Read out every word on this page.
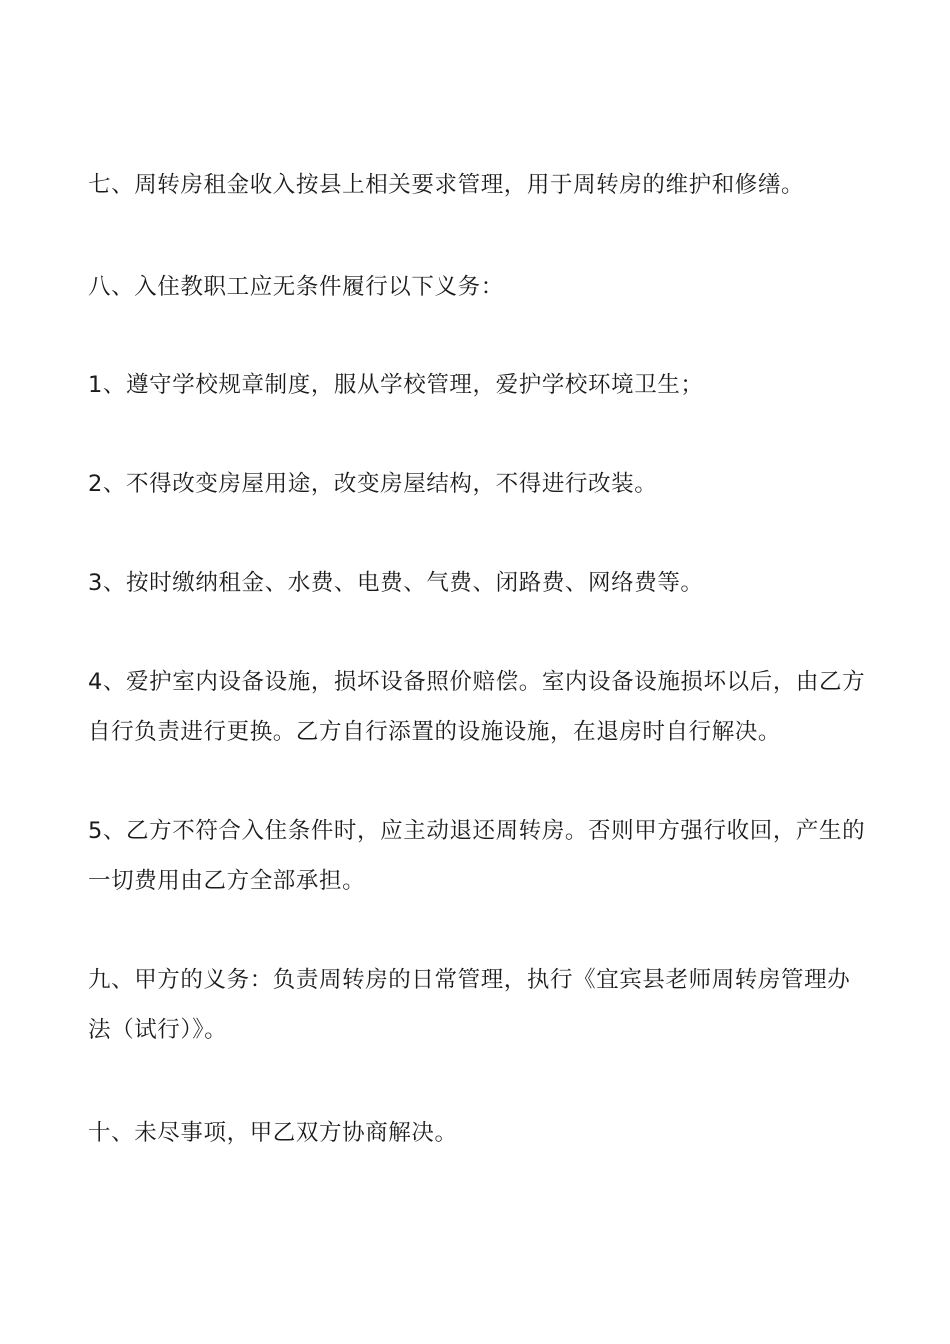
七、周转房租金收入按县上相关要求管理，用于周转房的维护和修缮。

八、入住教职工应无条件履行以下义务：

1、遵守学校规章制度，服从学校管理，爱护学校环境卫生；

2、不得改变房屋用途，改变房屋结构，不得进行改装。

3、按时缴纳租金、水费、电费、气费、闭路费、网络费等。

4、爱护室内设备设施，损坏设备照价赔偿。室内设备设施损坏以后，由乙方自行负责进行更换。乙方自行添置的设施设施，在退房时自行解决。

5、乙方不符合入住条件时，应主动退还周转房。否则甲方强行收回，产生的一切费用由乙方全部承担。

九、甲方的义务：负责周转房的日常管理，执行《宜宾县老师周转房管理办法（试行）》。

十、未尽事项，甲乙双方协商解决。
